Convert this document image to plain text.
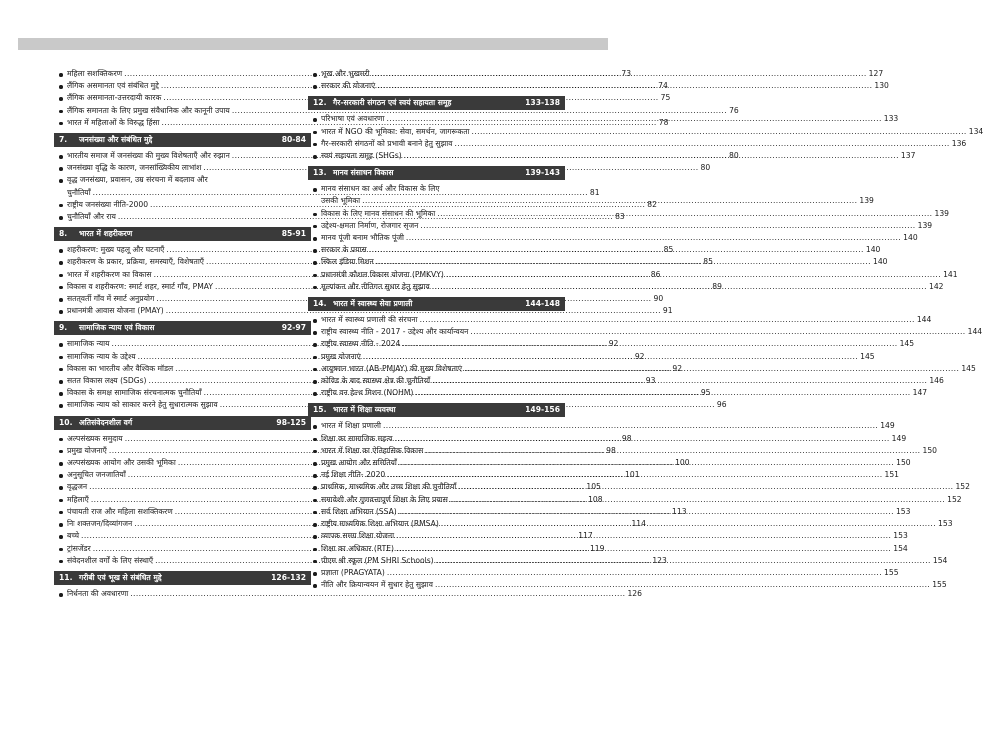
महिला सशक्तिकरण .....	73
लैंगिक असमानता एवं संबंधित मुद्दे .....	74
लैंगिक असमानता-उत्तरदायी कारक .....	75
लैंगिक समानता के लिए प्रमुख संवैधानिक और कानूनी उपाय .....	76
भारत में महिलाओं के विरुद्ध हिंसा .....	78
7. जनसंख्या और संबंधित मुद्दे	80-84
भारतीय समाज में जनसंख्या की मुख्य विशेषताएँ और रुझान .....	80
जनसंख्या वृद्धि के कारण, जनसांख्यिकीय लाभांश .....	80
वृद्ध जनसंख्या, प्रवासन, उम्र संरचना में बदलाव और
चुनौतियाँ .....	81
राष्ट्रीय जनसंख्या नीति-2000 .....	82
चुनौतियाँ और राय .....	83
8. भारत में शहरीकरण	85-91
शहरीकरण: मुख्य पहलू और घटनाएँ .....	85
शहरीकरण के प्रकार, प्रक्रिया, समस्याएँ, विशेषताएँ .....	85
भारत में शहरीकरण का विकास .....	86
विकास व शहरीकरण: स्मार्ट शहर, स्मार्ट गाँव, PMAY .....	89
सतत्‌वर्ती गाँव में स्मार्ट अनुप्रयोग .....	90
प्रधानमंत्री आवास योजना (PMAY) .....	91
9. सामाजिक न्याय एवं विकास	92-97
सामाजिक न्याय .....	92
सामाजिक न्याय के उद्देश्य .....	92
विकास का भारतीय और वैश्विक मॉडल .....	92
सतत विकास लक्ष्य (SDGs) .....	93
विकास के समक्ष सामाजिक संरचनात्मक चुनौतियाँ .....	95
सामाजिक न्याय को साकार करने हेतु सुधारात्मक सुझाव .....	96
10. अतिसंवेदनशील वर्ग	98-125
अल्पसंख्यक समुदाय .....	98
प्रमुख योजनाएँ .....	98
अल्पसंख्यक आयोग और उसकी भूमिका .....	100
अनुसूचित जनजातियाँ .....	101
वृद्धजन .....	105
महिलाएँ .....	108
पंचायती राज और महिला सशक्तिकरण .....	113
निः शक्तजन/दिव्यांगजन .....	114
बच्चे .....	117
ट्रांसजेंडर .....	119
संवेदनशील वर्गों के लिए संस्थाएँ .....	123
11. गरीबी एवं भूख से संबंधित मुद्दे	126-132
निर्धनता की अवधारणा .....	126
भूख और भुखमरी .....	127
सरकार की योजनाएं .....	130
12. गैर-सरकारी संगठन एवं स्वयं सहायता समूह	133-138
परिभाषा एवं अवधारणा .....	133
भारत में NGO की भूमिका: सेवा, समर्थन, जागरूकता .....	134
गैर-सरकारी संगठनों को प्रभावी बनाने हेतु सुझाव .....	136
स्वयं सहायता समूह (SHGs) .....	137
13. मानव संसाधन विकास	139-143
मानव संसाधन का अर्थ और विकास के लिए
उसकी भूमिका .....	139
विकास के लिए मानव संसाधन की भूमिका .....	139
उद्देश्य-क्षमता निर्माण, रोजगार सृजन .....	139
मानव पूंजी बनाम भौतिक पूंजी .....	140
सरकार के प्रयास .....	140
स्किल इंडिया मिशन .....	140
प्रधानमंत्री कौशल विकास योजना (PMKVY) .....	141
मूल्यांकन और नीतिगत सुधार हेतु सुझाव .....	142
14. भारत में स्वास्थ्य सेवा प्रणाली	144-148
भारत में स्वास्थ्य प्रणाली की संरचना .....	144
राष्ट्रीय स्वास्थ्य नीति - 2017 - उद्देश्य और कार्यान्वयन .....	144
राष्ट्रीय स्वास्थ्य नीति - 2024 .....	145
प्रमुख योजनाएं .....	145
आयुष्मान भारत (AB-PMJAY) की मुख्य विशेषताएं .....	145
कोविड के बाद स्वास्थ्य क्षेत्र की चुनौतियाँ .....	146
राष्ट्रीय वन हेल्थ मिशन (NOHM) .....	147
15. भारत में शिक्षा व्यवस्था	149-156
भारत में शिक्षा प्रणाली .....	149
शिक्षा का सामाजिक महत्व .....	149
भारत में शिक्षा का ऐतिहासिक विकास .....	150
प्रमुख आयोग और समितियाँ .....	150
नई शिक्षा नीति- 2020 .....	151
प्राथमिक, माध्यमिक और उच्च शिक्षा की चुनौतियाँ .....	152
समावेशी और गुणवत्तापूर्ण शिक्षा के लिए प्रयास .....	152
सर्व शिक्षा अभियान (SSA) .....	153
राष्ट्रीय माध्यमिक शिक्षा अभियान (RMSA) .....	153
व्यापक समग्र शिक्षा योजना .....	153
शिक्षा का अधिकार (RTE) .....	154
पीएम श्री स्कूल (PM SHRI Schools) .....	154
प्रज्ञाता (PRAGYATA) .....	155
नीति और क्रियान्वयन में सुधार हेतु सुझाव .....	155
